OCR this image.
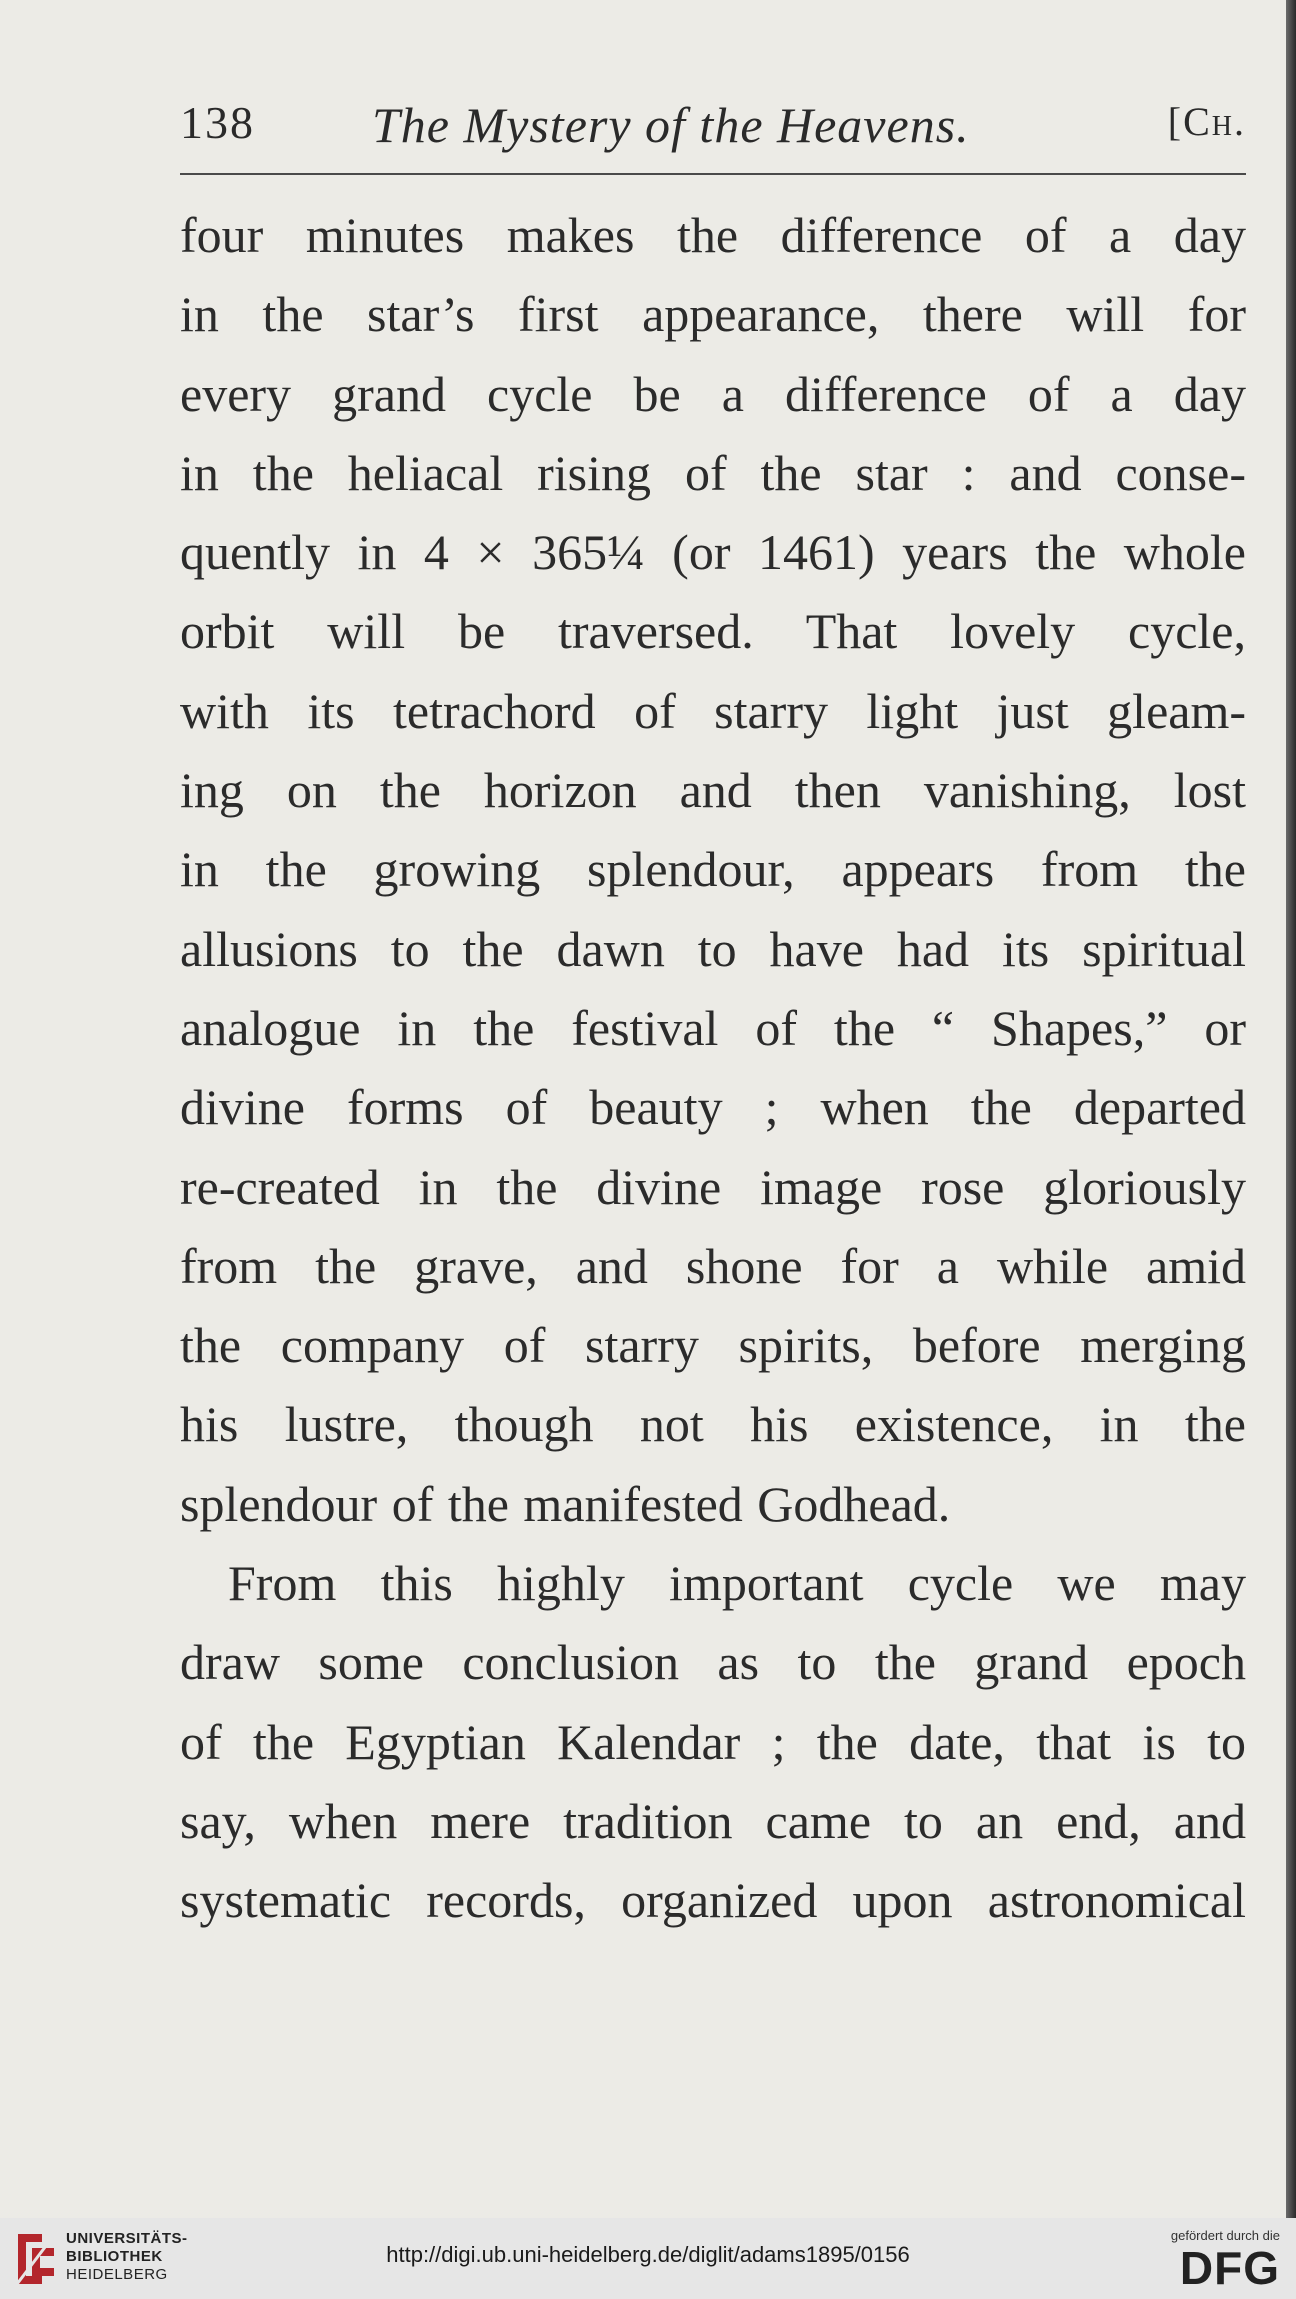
138 The Mystery of the Heavens.	[Ch.
four minutes makes the difference of a day
in the star’s first appearance, there will for
every grand cycle be a difference of a day
in the heliacal rising of the star : and conse-
quently in 4 × 365¼ (or 1461) years the whole
orbit will be traversed. That lovely cycle,
with its tetrachord of starry light just gleam-
ing on the horizon and then vanishing, lost
in the growing splendour, appears from the
allusions to the dawn to have had its spiritual
analogue in the festival of the “ Shapes,” or
divine forms of beauty ; when the departed
re-created in the divine image rose gloriously
from the grave, and shone for a while amid
the company of starry spirits, before merging
his lustre, though not his existence, in the
splendour of the manifested Godhead.
From this highly important cycle we may
draw some conclusion as to the grand epoch
of the Egyptian Kalendar ; the date, that is to
say, when mere tradition came to an end, and
systematic records, organized upon astronomical
UNIVERSITÄTS-
BIBLIOTHEK
HEIDELBERG
http://digi.ub.uni-heidelberg.de/diglit/adams1895/0156
gefördert durch die
DFG
